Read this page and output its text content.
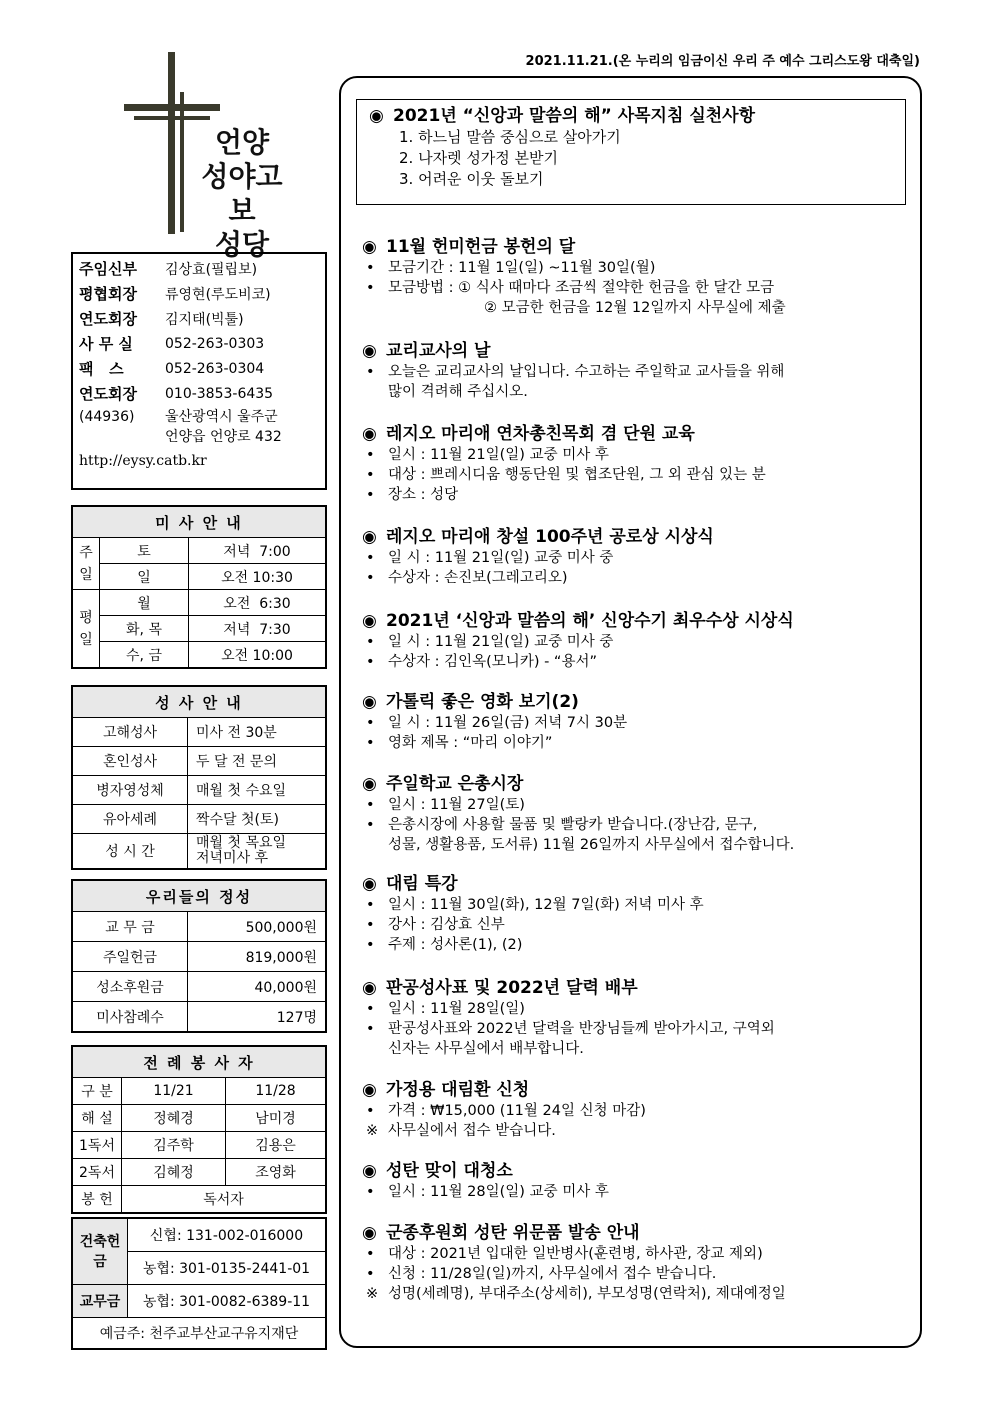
2021.11.21.(온 누리의 임금이신 우리 주 예수 그리스도왕 대축일)
언양
성야고보
성당
주임신부	김상효(필립보)
평협회장	류영현(루도비코)
연도회장	김지태(빅툴)
사 무 실	052-263-0303
팩   스	052-263-0304
연도회장	010-3853-6435
(44936)	울산광역시 울주군
언양읍 언양로 432
http://eysy.catb.kr
미 사 안 내		
주일	토	저녁  7:00
	일	오전 10:30
평일	월	오전  6:30
	화, 목	저녁  7:30
	수, 금	오전 10:00
성 사 안 내	
고해성사	미사 전 30분
혼인성사	두 달 전 문의
병자영성체	매월 첫 수요일
유아세례	짝수달 첫(토)
성 시 간	매월 첫 목요일
저녁미사 후
우리들의 정성	
교 무 금	500,000원
주일헌금	819,000원
성소후원금	40,000원
미사참례수	127명
전 례 봉 사 자		
구 분	11/21	11/28
해 설	정혜경	남미경
1독서	김주학	김용은
2독서	김혜정	조영화
봉 헌	독서자	
건축헌금	신협: 131-002-016000
	농협: 301-0135-2441-01
교무금	농협: 301-0082-6389-11
예금주: 천주교부산교구유지재단	
◉ 2021년 “신앙과 말씀의 해” 사목지침 실천사항
1. 하느님 말씀 중심으로 살아가기
2. 나자렛 성가정 본받기
3. 어려운 이웃 돌보기
◉ 11월 헌미헌금 봉헌의 달
• 모금기간 : 11월 1일(일) ~11월 30일(월)
• 모금방법 : ① 식사 때마다 조금씩 절약한 헌금을 한 달간 모금
② 모금한 헌금을 12월 12일까지 사무실에 제출
◉ 교리교사의 날
• 오늘은 교리교사의 날입니다. 수고하는 주일학교 교사들을 위해
많이 격려해 주십시오.
◉ 레지오 마리애 연차총친목회 겸 단원 교육
• 일시 : 11월 21일(일) 교중 미사 후
• 대상 : 쁘레시디움 행동단원 및 협조단원, 그 외 관심 있는 분
• 장소 : 성당
◉ 레지오 마리애 창설 100주년 공로상 시상식
• 일 시 : 11월 21일(일) 교중 미사 중
• 수상자 : 손진보(그레고리오)
◉ 2021년 ‘신앙과 말씀의 해’ 신앙수기 최우수상 시상식
• 일 시 : 11월 21일(일) 교중 미사 중
• 수상자 : 김인옥(모니카) - “용서”
◉ 가톨릭 좋은 영화 보기(2)
• 일 시 : 11월 26일(금) 저녁 7시 30분
• 영화 제목 : “마리 이야기”
◉ 주일학교 은총시장
• 일시 : 11월 27일(토)
• 은총시장에 사용할 물품 및 빨랑카 받습니다.(장난감, 문구,
성물, 생활용품, 도서류) 11월 26일까지 사무실에서 접수합니다.
◉ 대림 특강
• 일시 : 11월 30일(화), 12월 7일(화) 저녁 미사 후
• 강사 : 김상효 신부
• 주제 : 성사론(1), (2)
◉ 판공성사표 및 2022년 달력 배부
• 일시 : 11월 28일(일)
• 판공성사표와 2022년 달력을 반장님들께 받아가시고, 구역외
신자는 사무실에서 배부합니다.
◉ 가정용 대림환 신청
• 가격 : ₩15,000 (11월 24일 신청 마감)
※ 사무실에서 접수 받습니다.
◉ 성탄 맞이 대청소
• 일시 : 11월 28일(일) 교중 미사 후
◉ 군종후원회 성탄 위문품 발송 안내
• 대상 : 2021년 입대한 일반병사(훈련병, 하사관, 장교 제외)
• 신청 : 11/28일(일)까지, 사무실에서 접수 받습니다.
※ 성명(세례명), 부대주소(상세히), 부모성명(연락처), 제대예정일
